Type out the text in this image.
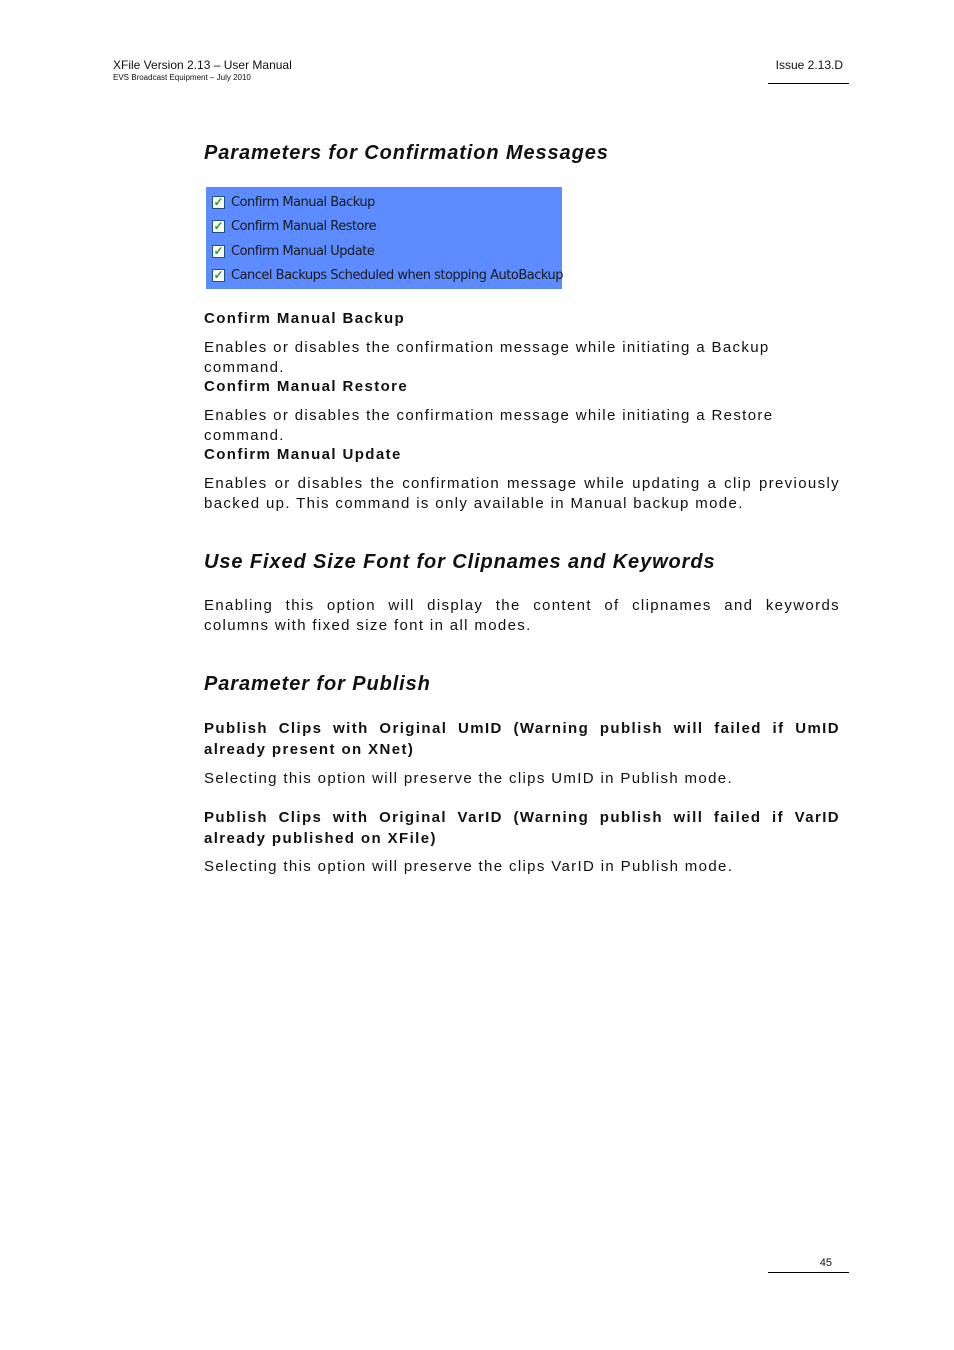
XFile Version 2.13 – User Manual
EVS Broadcast Equipment – July 2010
Issue 2.13.D
Parameters for Confirmation Messages
Confirm Manual Backup
Enables or disables the confirmation message while initiating a Backup command.
Confirm Manual Restore
Enables or disables the confirmation message while initiating a Restore command.
Confirm Manual Update
Enables or disables the confirmation message while updating a clip previously backed up. This command is only available in Manual backup mode.
Use Fixed Size Font for Clipnames and Keywords
Enabling this option will display the content of clipnames and keywords columns with fixed size font in all modes.
Parameter for Publish
Publish Clips with Original UmID (Warning publish will failed if UmID already present on XNet)
Selecting this option will preserve the clips UmID in Publish mode.
Publish Clips with Original VarID (Warning publish will failed if VarID already published on XFile)
Selecting this option will preserve the clips VarID in Publish mode.
✓ Confirm Manual Backup
✓ Confirm Manual Restore
✓ Confirm Manual Update
✓ Cancel Backups Scheduled when stopping AutoBackup
45
